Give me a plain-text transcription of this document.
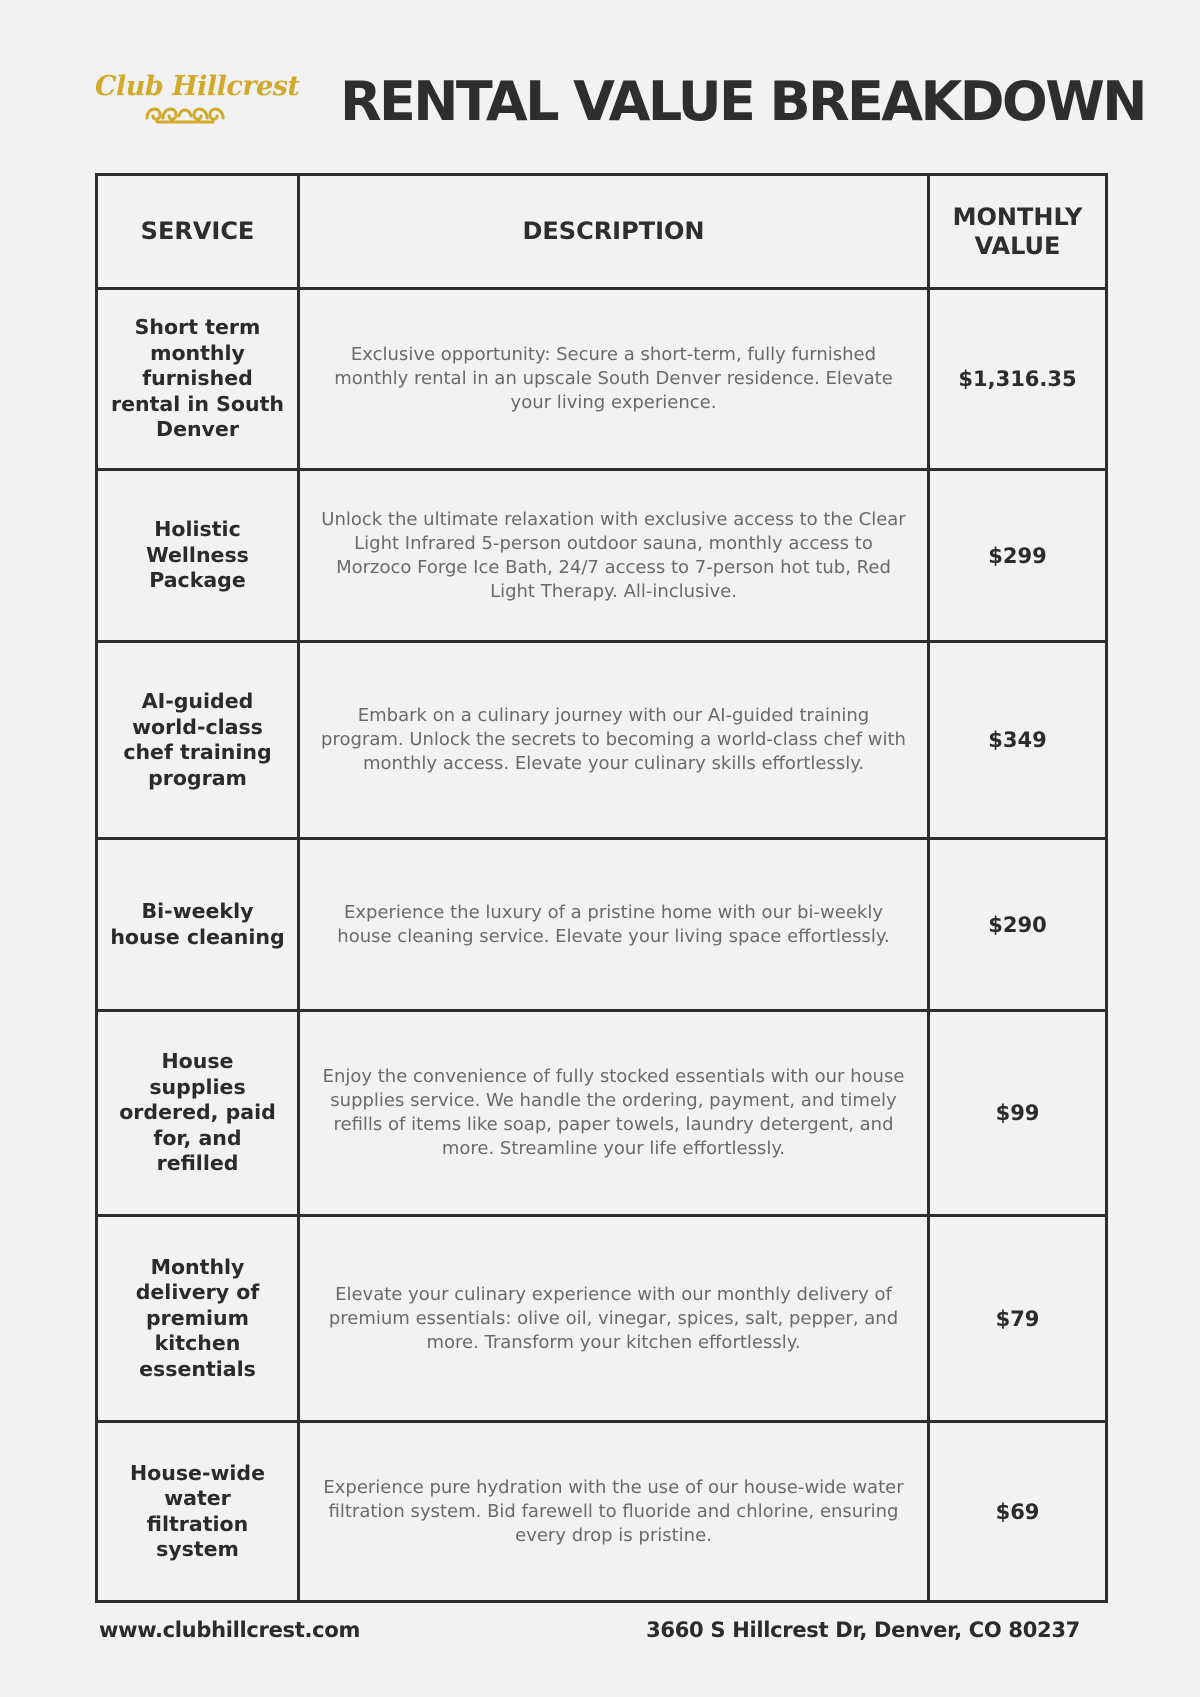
Club Hillcrest RENTAL VALUE BREAKDOWN
SERVICE	DESCRIPTION	MONTHLY VALUE
Short term monthly furnished rental in South Denver	Exclusive opportunity: Secure a short-term, fully furnished monthly rental in an upscale South Denver residence. Elevate your living experience.	$1,316.35
Holistic Wellness Package	Unlock the ultimate relaxation with exclusive access to the Clear Light Infrared 5-person outdoor sauna, monthly access to Morzoco Forge Ice Bath, 24/7 access to 7-person hot tub, Red Light Therapy. All-inclusive.	$299
AI-guided world-class chef training program	Embark on a culinary journey with our AI-guided training program. Unlock the secrets to becoming a world-class chef with monthly access. Elevate your culinary skills effortlessly.	$349
Bi-weekly house cleaning	Experience the luxury of a pristine home with our bi-weekly house cleaning service. Elevate your living space effortlessly.	$290
House supplies ordered, paid for, and refilled	Enjoy the convenience of fully stocked essentials with our house supplies service. We handle the ordering, payment, and timely refills of items like soap, paper towels, laundry detergent, and more. Streamline your life effortlessly.	$99
Monthly delivery of premium kitchen essentials	Elevate your culinary experience with our monthly delivery of premium essentials: olive oil, vinegar, spices, salt, pepper, and more. Transform your kitchen effortlessly.	$79
House-wide water filtration system	Experience pure hydration with the use of our house-wide water filtration system. Bid farewell to fluoride and chlorine, ensuring every drop is pristine.	$69
www.clubhillcrest.com	3660 S Hillcrest Dr, Denver, CO 80237
